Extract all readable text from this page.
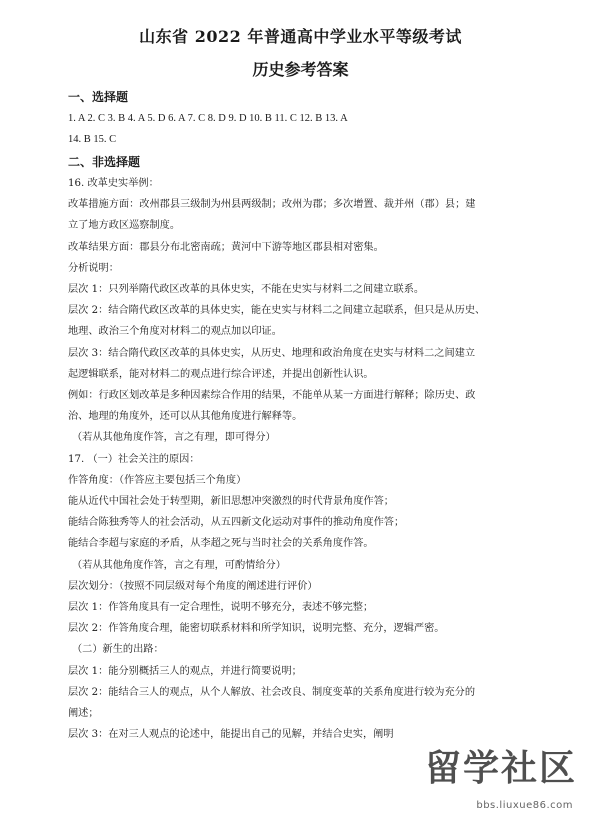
山东省 2022 年普通高中学业水平等级考试
历史参考答案
一、选择题

1. A 2. C 3. B 4. A 5. D 6. A 7. C 8. D 9. D 10. B 11. C 12. B 13. A

14. B 15. C

二、非选择题

16. 改革史实举例：

改革措施方面：改州郡县三级制为州县两级制；改州为郡；多次增置、裁并州（郡）县；建

立了地方政区巡察制度。

改革结果方面：郡县分布北密南疏；黄河中下游等地区郡县相对密集。

分析说明：

层次 1：只列举隋代政区改革的具体史实，不能在史实与材料二之间建立联系。

层次 2：结合隋代政区改革的具体史实，能在史实与材料二之间建立起联系，但只是从历史、

地理、政治三个角度对材料二的观点加以印证。

层次 3：结合隋代政区改革的具体史实，从历史、地理和政治角度在史实与材料二之间建立

起逻辑联系，能对材料二的观点进行综合评述，并提出创新性认识。

例如：行政区划改革是多种因素综合作用的结果，不能单从某一方面进行解释；除历史、政

治、地理的角度外，还可以从其他角度进行解释等。

（若从其他角度作答，言之有理，即可得分）

17. （一）社会关注的原因：

作答角度：（作答应主要包括三个角度）

能从近代中国社会处于转型期，新旧思想冲突激烈的时代背景角度作答；

能结合陈独秀等人的社会活动，从五四新文化运动对事件的推动角度作答；

能结合李超与家庭的矛盾，从李超之死与当时社会的关系角度作答。

（若从其他角度作答，言之有理，可酌情给分）

层次划分：（按照不同层级对每个角度的阐述进行评价）

层次 1：作答角度具有一定合理性，说明不够充分，表述不够完整；

层次 2：作答角度合理，能密切联系材料和所学知识，说明完整、充分，逻辑严密。

（二）新生的出路：

层次 1：能分别概括三人的观点，并进行简要说明；

层次 2：能结合三人的观点，从个人解放、社会改良、制度变革的关系角度进行较为充分的

阐述；

层次 3：在对三人观点的论述中，能提出自己的见解，并结合史实，阐明

留学社区
bbs.liuxue86.com
